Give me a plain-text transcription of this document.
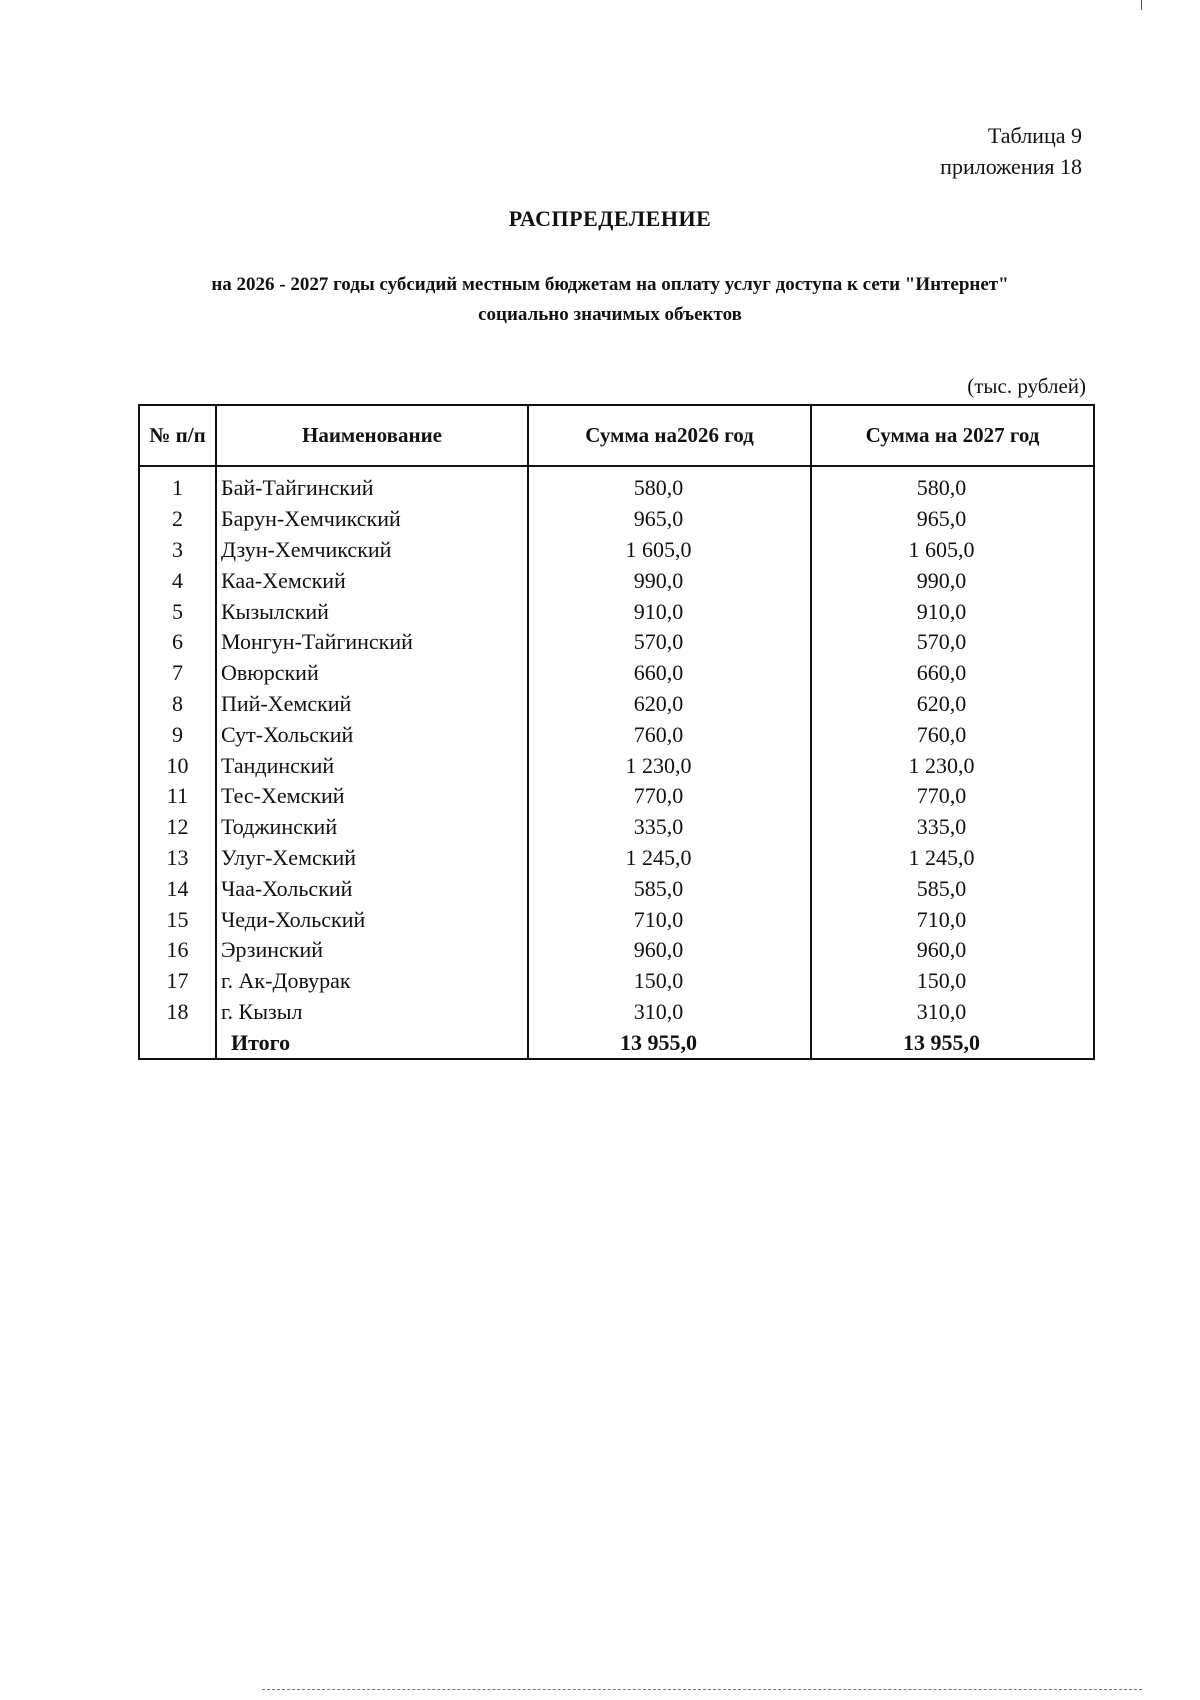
Таблица 9
приложения 18
РАСПРЕДЕЛЕНИЕ
на 2026 - 2027 годы субсидий местным бюджетам на оплату услуг доступа к сети "Интернет"
социально значимых объектов
(тыс. рублей)
№ п/п	Наименование	Сумма на2026 год	Сумма на 2027 год
1	Бай-Тайгинский	580,0	580,0
2	Барун-Хемчикский	965,0	965,0
3	Дзун-Хемчикский	1 605,0	1 605,0
4	Каа-Хемский	990,0	990,0
5	Кызылский	910,0	910,0
6	Монгун-Тайгинский	570,0	570,0
7	Овюрский	660,0	660,0
8	Пий-Хемский	620,0	620,0
9	Сут-Хольский	760,0	760,0
10	Тандинский	1 230,0	1 230,0
11	Тес-Хемский	770,0	770,0
12	Тоджинский	335,0	335,0
13	Улуг-Хемский	1 245,0	1 245,0
14	Чаа-Хольский	585,0	585,0
15	Чеди-Хольский	710,0	710,0
16	Эрзинский	960,0	960,0
17	г. Ак-Довурак	150,0	150,0
18	г. Кызыл	310,0	310,0
	Итого	13 955,0	13 955,0
